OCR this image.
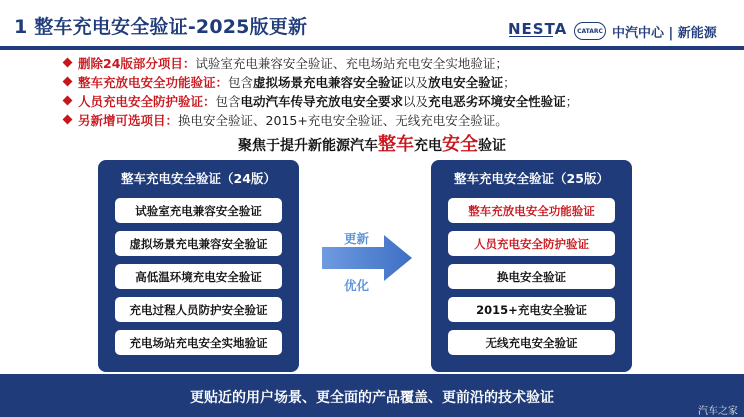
1 整车充电安全验证-2025版更新	NESTA	CATARC 中汽中心 | 新能源
删除24版部分项目： 试验室充电兼容安全验证、充电场站充电安全实地验证；
整车充放电安全功能验证： 包含 虚拟场景充电兼容安全验证 以及 放电安全验证 ；
人员充电安全防护验证： 包含 电动汽车传导充放电安全要求 以及 充电恶劣环境安全性验证 ；
另新增可选项目： 换电安全验证、2015+充电安全验证、无线充电安全验证。
聚焦于提升新能源汽车整车充电安全验证
整车充电安全验证（24版）
试验室充电兼容安全验证
虚拟场景充电兼容安全验证
高低温环境充电安全验证
充电过程人员防护安全验证
充电场站充电安全实地验证
更新
优化
整车充电安全验证（25版）
整车充放电安全功能验证
人员充电安全防护验证
换电安全验证
2015+充电安全验证
无线充电安全验证
更贴近的用户场景、更全面的产品覆盖、更前沿的技术验证
汽车之家
